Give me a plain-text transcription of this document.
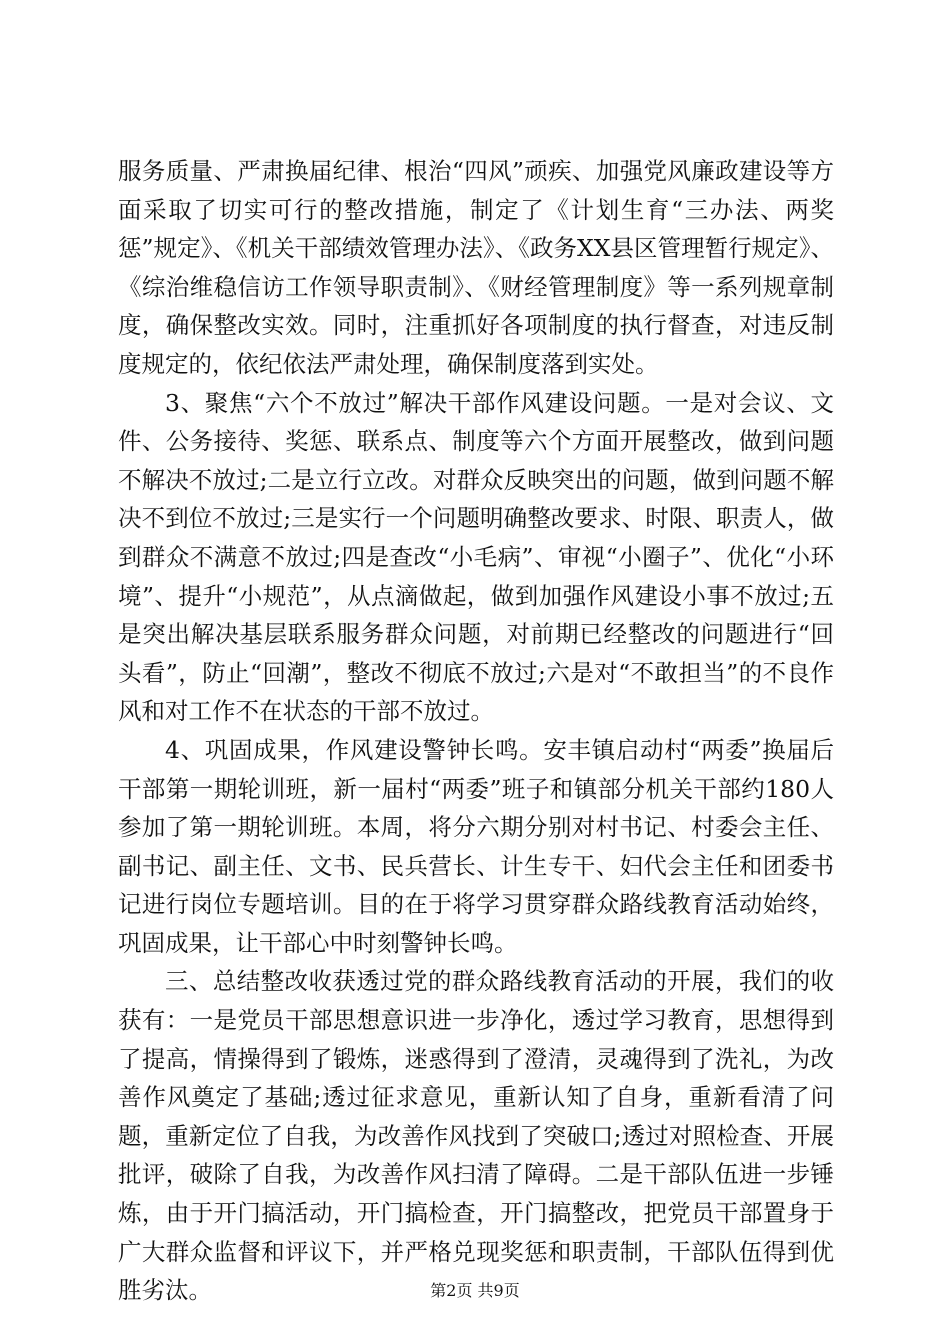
服务质量、严肃换届纪律、根治“四风”顽疾、加强党风廉政建设等方面采取了切实可行的整改措施，制定了《计划生育“三办法、两奖惩”规定》、《机关干部绩效管理办法》、《政务XX县区管理暂行规定》、《综治维稳信访工作领导职责制》、《财经管理制度》等一系列规章制度，确保整改实效。同时，注重抓好各项制度的执行督查，对违反制度规定的，依纪依法严肃处理，确保制度落到实处。

3、聚焦“六个不放过”解决干部作风建设问题。一是对会议、文件、公务接待、奖惩、联系点、制度等六个方面开展整改，做到问题不解决不放过;二是立行立改。对群众反映突出的问题，做到问题不解决不到位不放过;三是实行一个问题明确整改要求、时限、职责人，做到群众不满意不放过;四是查改“小毛病”、审视“小圈子”、优化“小环境”、提升“小规范”，从点滴做起，做到加强作风建设小事不放过;五是突出解决基层联系服务群众问题，对前期已经整改的问题进行“回头看”，防止“回潮”，整改不彻底不放过;六是对“不敢担当”的不良作风和对工作不在状态的干部不放过。

4、巩固成果，作风建设警钟长鸣。安丰镇启动村“两委”换届后干部第一期轮训班，新一届村“两委”班子和镇部分机关干部约180人参加了第一期轮训班。本周，将分六期分别对村书记、村委会主任、副书记、副主任、文书、民兵营长、计生专干、妇代会主任和团委书记进行岗位专题培训。目的在于将学习贯穿群众路线教育活动始终，巩固成果，让干部心中时刻警钟长鸣。

三、总结整改收获透过党的群众路线教育活动的开展，我们的收获有：一是党员干部思想意识进一步净化，透过学习教育，思想得到了提高，情操得到了锻炼，迷惑得到了澄清，灵魂得到了洗礼，为改善作风奠定了基础;透过征求意见，重新认知了自身，重新看清了问题，重新定位了自我，为改善作风找到了突破口;透过对照检查、开展批评，破除了自我，为改善作风扫清了障碍。二是干部队伍进一步锤炼，由于开门搞活动，开门搞检查，开门搞整改，把党员干部置身于广大群众监督和评议下，并严格兑现奖惩和职责制，干部队伍得到优胜劣汰。	第2页 共9页
